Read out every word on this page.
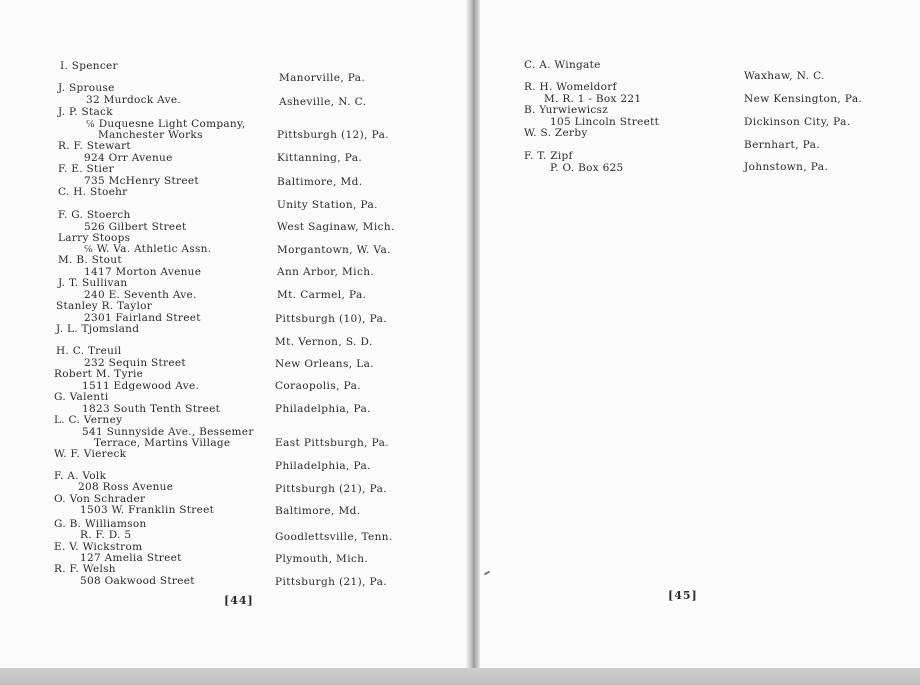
I. Spencer
J. Sprouse
32 Murdock Ave.
J. P. Stack
℅ Duquesne Light Company,
Manchester Works
R. F. Stewart
924 Orr Avenue
F. E. Stier
735 McHenry Street
C. H. Stoehr
F. G. Stoerch
526 Gilbert Street
Larry Stoops
℅ W. Va. Athletic Assn.
M. B. Stout
1417 Morton Avenue
J. T. Sullivan
240 E. Seventh Ave.
Stanley R. Taylor
2301 Fairland Street
J. L. Tjomsland
H. C. Treuil
232 Sequin Street
Robert M. Tyrie
1511 Edgewood Ave.
G. Valenti
1823 South Tenth Street
L. C. Verney
541 Sunnyside Ave., Bessemer
Terrace, Martins Village
W. F. Viereck
F. A. Volk
208 Ross Avenue
O. Von Schrader
1503 W. Franklin Street
G. B. Williamson
R. F. D. 5
E. V. Wickstrom
127 Amelia Street
R. F. Welsh
508 Oakwood Street
Manorville, Pa.
Asheville, N. C.
Pittsburgh (12), Pa.
Kittanning, Pa.
Baltimore, Md.
Unity Station, Pa.
West Saginaw, Mich.
Morgantown, W. Va.
Ann Arbor, Mich.
Mt. Carmel, Pa.
Pittsburgh (10), Pa.
Mt. Vernon, S. D.
New Orleans, La.
Coraopolis, Pa.
Philadelphia, Pa.
East Pittsburgh, Pa.
Philadelphia, Pa.
Pittsburgh (21), Pa.
Baltimore, Md.
Goodlettsville, Tenn.
Plymouth, Mich.
Pittsburgh (21), Pa.
[44]
C. A. Wingate
R. H. Womeldorf
M. R. 1 - Box 221
B. Yurwiewicsz
105 Lincoln Streett
W. S. Zerby
F. T. Zipf
P. O. Box 625
Waxhaw, N. C.
New Kensington, Pa.
Dickinson City, Pa.
Bernhart, Pa.
Johnstown, Pa.
[45]
